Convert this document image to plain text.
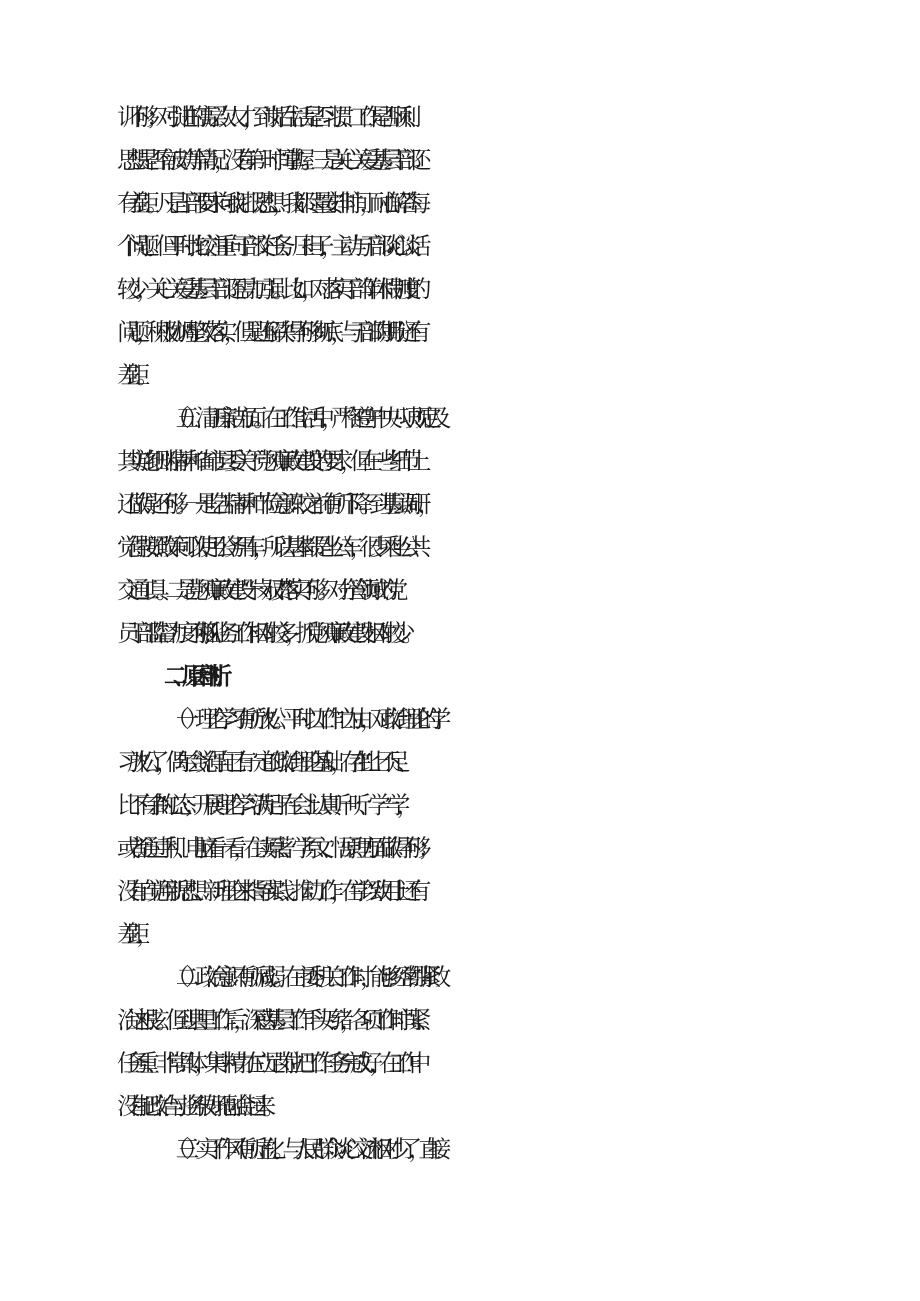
训不够；对引进的高层次人才，到岗后生活是否习惯、工作是否顺利、
思想是否有波动等情况，没有第一时间掌握。三是关心关爱基层干部还
有差距。凡是干部要求向我汇报思想，我都尽量安排时间，耐心解答每
个问题。但平时比较注重向干部交任务、压担子，主动与干部谈心谈话
较少，关心关爱基层干部还需力口强。比如，对落实干部年休假制度的
问题，积极协调整改落实，但是还解决得不够彻底，与干部的期盼还有
差距。
（五）清正廉洁方面。在工作生活中，严格遵守中央八项规定及
其实施细则精神和省市县委关于党风廉政建设的要求，但在一些细节上
还做得还不够。一是吃苦精神和节俭意识较之前有所下降。到基层调研，
觉得按照政策可以使用公务用车，所以基本都是坐公车，很少乘坐公共
交通工具。二是党风廉政建设“一岗双责”落实不够。对分管领域的党
员干部监督力度不够,抓业务工作相对较多，抓党风廉政建设相对较少。
二、原因剖析
（一）理论学习有所放松。平时以工作忙为由，对政治理论的学
习放松了，偶尔会觉得自己有一定的政治理论基础，存在“比上不足、
比下有余”的心态；开展理论学习满足于在会上认真听一听、学一学，
或者通过手机、电脑看一看，在读原著、学原文、悟原理方面做得不够；
没有自觉用新思想、新理论来指导实践、推动工作，在学以致用上还有
差距，
（二）政治意识有所减弱。在市委机关工作时，能够经常绷紧政
治这根弦。但到县里工作后，深感基层工作千头万绪，各项工作时间紧、
任务重、非常具体，集中精力在立足岗位把工作任务完成好，在工作中
没有把政治与业务很好地融合起来。
（三）实干作风有所虚化。与人民群众谈心交流相对少了，直接
